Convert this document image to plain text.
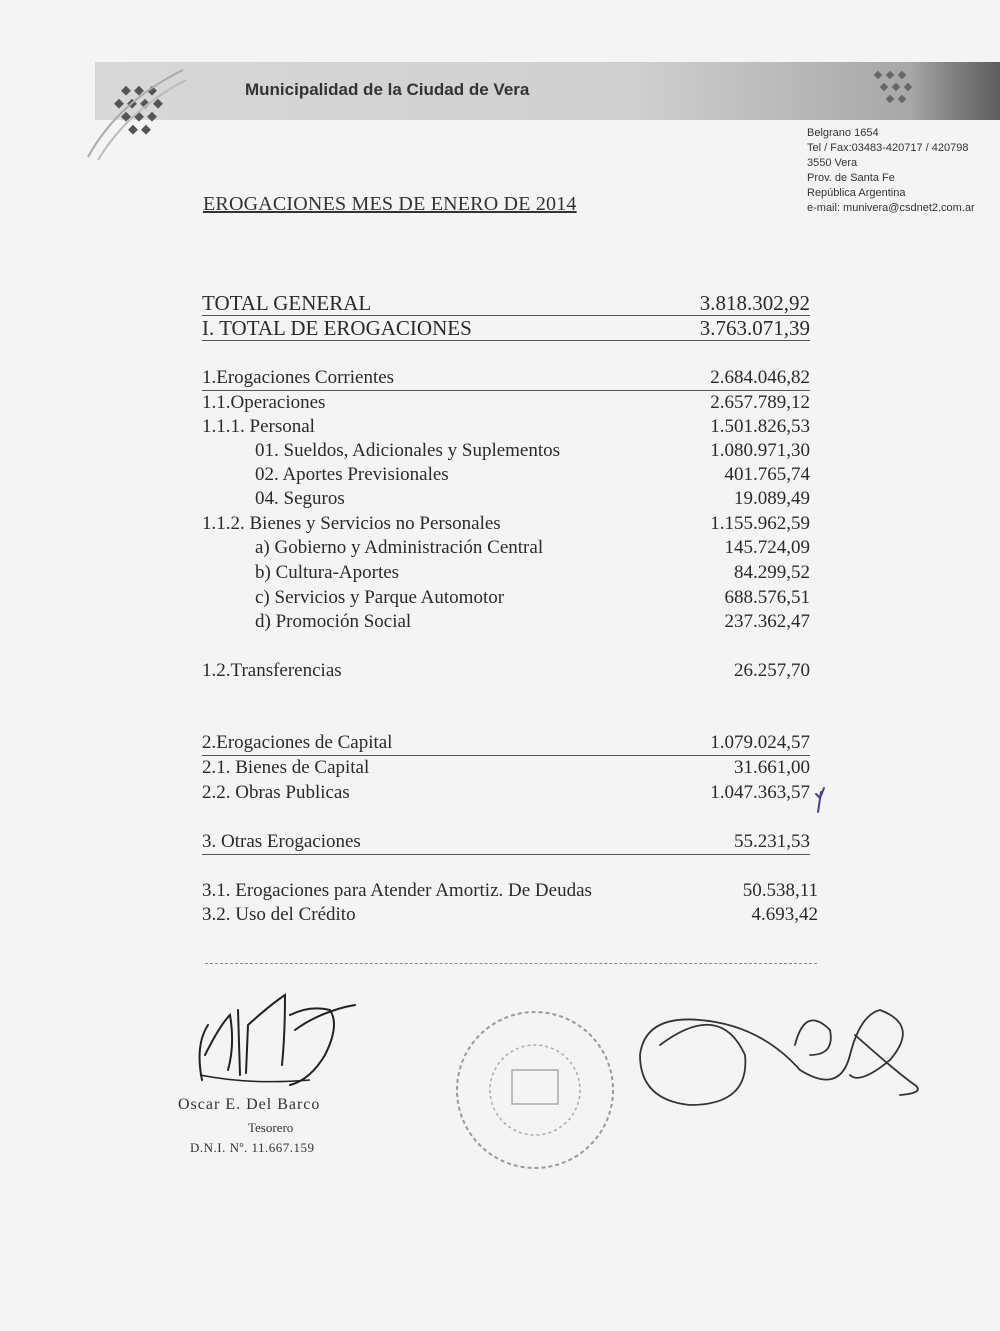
Municipalidad de la Ciudad de Vera
Belgrano 1654
Tel / Fax:03483-420717 / 420798
3550 Vera
Prov. de Santa Fe
República Argentina
e-mail: munivera@csdnet2.com.ar
EROGACIONES MES DE ENERO DE 2014
TOTAL GENERAL	3.818.302,92
I. TOTAL DE EROGACIONES	3.763.071,39
1.Erogaciones Corrientes	2.684.046,82
1.1.Operaciones	2.657.789,12
1.1.1. Personal	1.501.826,53
01. Sueldos, Adicionales y Suplementos	1.080.971,30
02. Aportes Previsionales	401.765,74
04. Seguros	19.089,49
1.1.2. Bienes y Servicios no Personales	1.155.962,59
a) Gobierno y Administración Central	145.724,09
b) Cultura-Aportes	84.299,52
c) Servicios y Parque Automotor	688.576,51
d) Promoción Social	237.362,47
1.2.Transferencias	26.257,70
2.Erogaciones de Capital	1.079.024,57
2.1. Bienes de Capital	31.661,00
2.2. Obras Publicas	1.047.363,57
3. Otras Erogaciones	55.231,53
3.1. Erogaciones para Atender Amortiz. De Deudas	50.538,11
3.2. Uso del Crédito	4.693,42
Oscar E. Del Barco
Tesorero
D.N.I. Nº. 11.667.159
